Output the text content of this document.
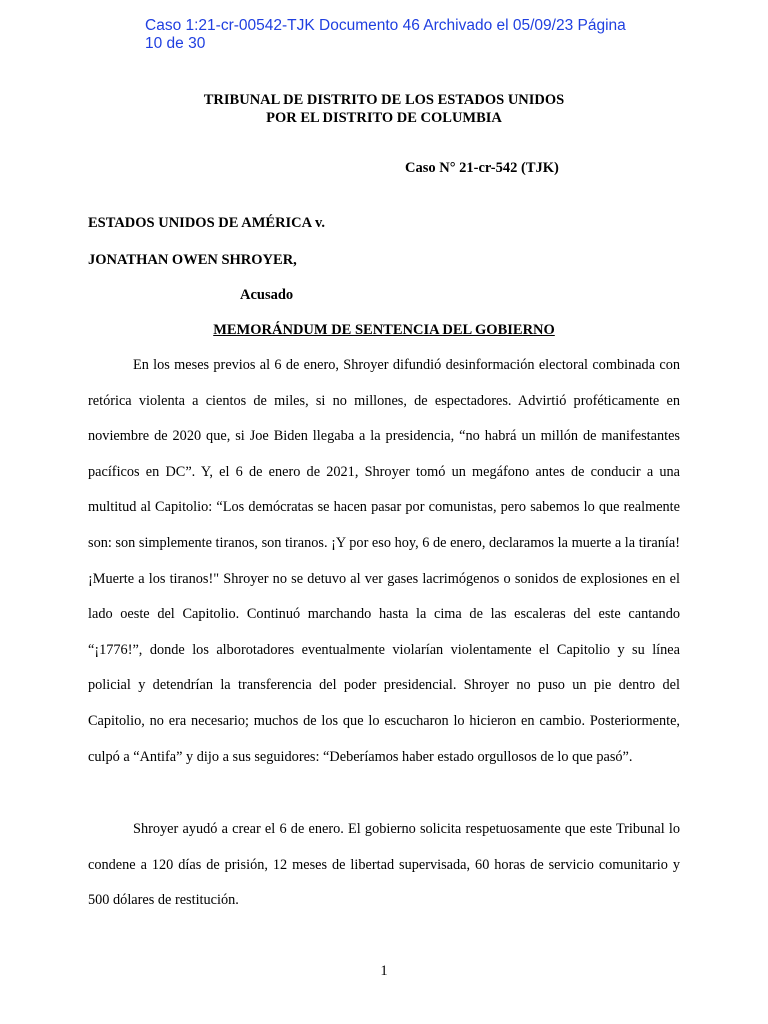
Caso 1:21-cr-00542-TJK Documento 46 Archivado el 05/09/23 Página 10 de 30
TRIBUNAL DE DISTRITO DE LOS ESTADOS UNIDOS
POR EL DISTRITO DE COLUMBIA
Caso N° 21-cr-542 (TJK)
ESTADOS UNIDOS DE AMÉRICA v.
JONATHAN OWEN SHROYER,
Acusado
MEMORÁNDUM DE SENTENCIA DEL GOBIERNO

En los meses previos al 6 de enero, Shroyer difundió desinformación electoral combinada con retórica violenta a cientos de miles, si no millones, de espectadores. Advirtió proféticamente en noviembre de 2020 que, si Joe Biden llegaba a la presidencia, “no habrá un millón de manifestantes pacíficos en DC”. Y, el 6 de enero de 2021, Shroyer tomó un megáfono antes de conducir a una multitud al Capitolio: “Los demócratas se hacen pasar por comunistas, pero sabemos lo que realmente son: son simplemente tiranos, son tiranos. ¡Y por eso hoy, 6 de enero, declaramos la muerte a la tiranía! ¡Muerte a los tiranos!" Shroyer no se detuvo al ver gases lacrimógenos o sonidos de explosiones en el lado oeste del Capitolio. Continuó marchando hasta la cima de las escaleras del este cantando “¡1776!”, donde los alborotadores eventualmente violarían violentamente el Capitolio y su línea policial y detendrían la transferencia del poder presidencial. Shroyer no puso un pie dentro del Capitolio, no era necesario; muchos de los que lo escucharon lo hicieron en cambio. Posteriormente, culpó a “Antifa” y dijo a sus seguidores: “Deberíamos haber estado orgullosos de lo que pasó”.

Shroyer ayudó a crear el 6 de enero. El gobierno solicita respetuosamente que este Tribunal lo condene a 120 días de prisión, 12 meses de libertad supervisada, 60 horas de servicio comunitario y 500 dólares de restitución.

1
